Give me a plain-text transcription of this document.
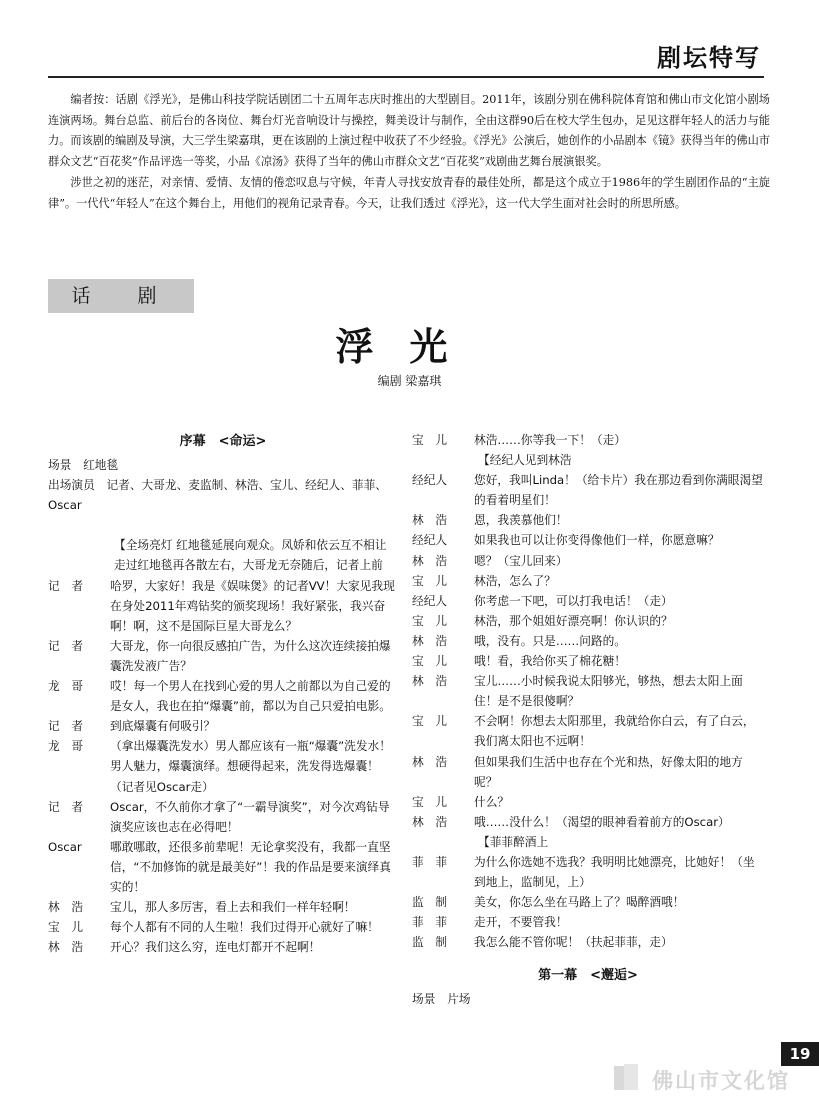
剧坛特写

编者按：话剧《浮光》，是佛山科技学院话剧团二十五周年志庆时推出的大型剧目。2011年，该剧分别在佛科院体育馆和佛山市文化馆小剧场连演两场。舞台总监、前后台的各岗位、舞台灯光音响设计与操控，舞美设计与制作，全由这群90后在校大学生包办，足见这群年轻人的活力与能力。而该剧的编剧及导演，大三学生梁嘉琪，更在该剧的上演过程中收获了不少经验。《浮光》公演后，她创作的小品剧本《镜》获得当年的佛山市群众文艺“百花奖”作品评选一等奖，小品《凉汤》获得了当年的佛山市群众文艺“百花奖”戏剧曲艺舞台展演银奖。

涉世之初的迷茫，对亲情、爱情、友情的倦恋叹息与守候，年青人寻找安放青春的最佳处所，都是这个成立于1986年的学生剧团作品的“主旋律”。一代代“年轻人”在这个舞台上，用他们的视角记录青春。今天，让我们透过《浮光》，这一代大学生面对社会时的所思所感。

话　剧
浮光
编剧 梁嘉琪
序幕　<命运>
场景　红地毯
出场演员　记者、大哥龙、麦监制、林浩、宝儿、经纪人、菲菲、Oscar
【全场亮灯 红地毯延展向观众。凤娇和依云互不相让走过红地毯再各散左右，大哥龙无奈随后，记者上前
记　者	哈罗，大家好！我是《娱味煲》的记者VV！大家见我现在身处2011年鸡钻奖的颁奖现场！我好紧张，我兴奋啊！啊，这不是国际巨星大哥龙么？
记　者	大哥龙，你一向很反感拍广告，为什么这次连续接拍爆囊洗发液广告？
龙　哥	哎！每一个男人在找到心爱的男人之前都以为自己爱的是女人，我也在拍“爆囊”前，都以为自己只爱拍电影。
记　者	到底爆囊有何吸引？
龙　哥	（拿出爆囊洗发水）男人都应该有一瓶“爆囊”洗发水！男人魅力，爆囊演绎。想硬得起来，洗发得选爆囊！（记者见Oscar走）
记　者	Oscar，不久前你才拿了“一霸导演奖”，对今次鸡钻导演奖应该也志在必得吧！
Oscar	哪敢哪敢，还很多前辈呢！无论拿奖没有，我都一直坚信，“不加修饰的就是最美好”！我的作品是要来演绎真实的！
林　浩	宝儿，那人多厉害，看上去和我们一样年轻啊！
宝　儿	每个人都有不同的人生啦！我们过得开心就好了嘛！
林　浩	开心？我们这么穷，连电灯都开不起啊！
宝　儿	林浩……你等我一下！（走）
【经纪人见到林浩
经纪人	您好，我叫Linda！（给卡片）我在那边看到你满眼渴望的看着明星们！
林　浩	恩，我羡慕他们！
经纪人	如果我也可以让你变得像他们一样，你愿意嘛？
林　浩	嗯？（宝儿回来）
宝　儿	林浩，怎么了？
经纪人	你考虑一下吧，可以打我电话！（走）
宝　儿	林浩，那个姐姐好漂亮啊！你认识的？
林　浩	哦，没有。只是……问路的。
宝　儿	哦！看，我给你买了棉花糖！
林　浩	宝儿……小时候我说太阳够光，够热，想去太阳上面住！是不是很傻啊？
宝　儿	不会啊！你想去太阳那里，我就给你白云，有了白云，我们离太阳也不远啊！
林　浩	但如果我们生活中也存在个光和热，好像太阳的地方呢？
宝　儿	什么？
林　浩	哦……没什么！（渴望的眼神看着前方的Oscar）
【菲菲醉酒上
菲　菲	为什么你选她不选我？我明明比她漂亮，比她好！（坐到地上，监制见，上）
监　制	美女，你怎么坐在马路上了？喝醉酒哦！
菲　菲	走开，不要管我！
监　制	我怎么能不管你呢！（扶起菲菲，走）
第一幕　<邂逅>
场景　片场
19
佛山市文化馆
